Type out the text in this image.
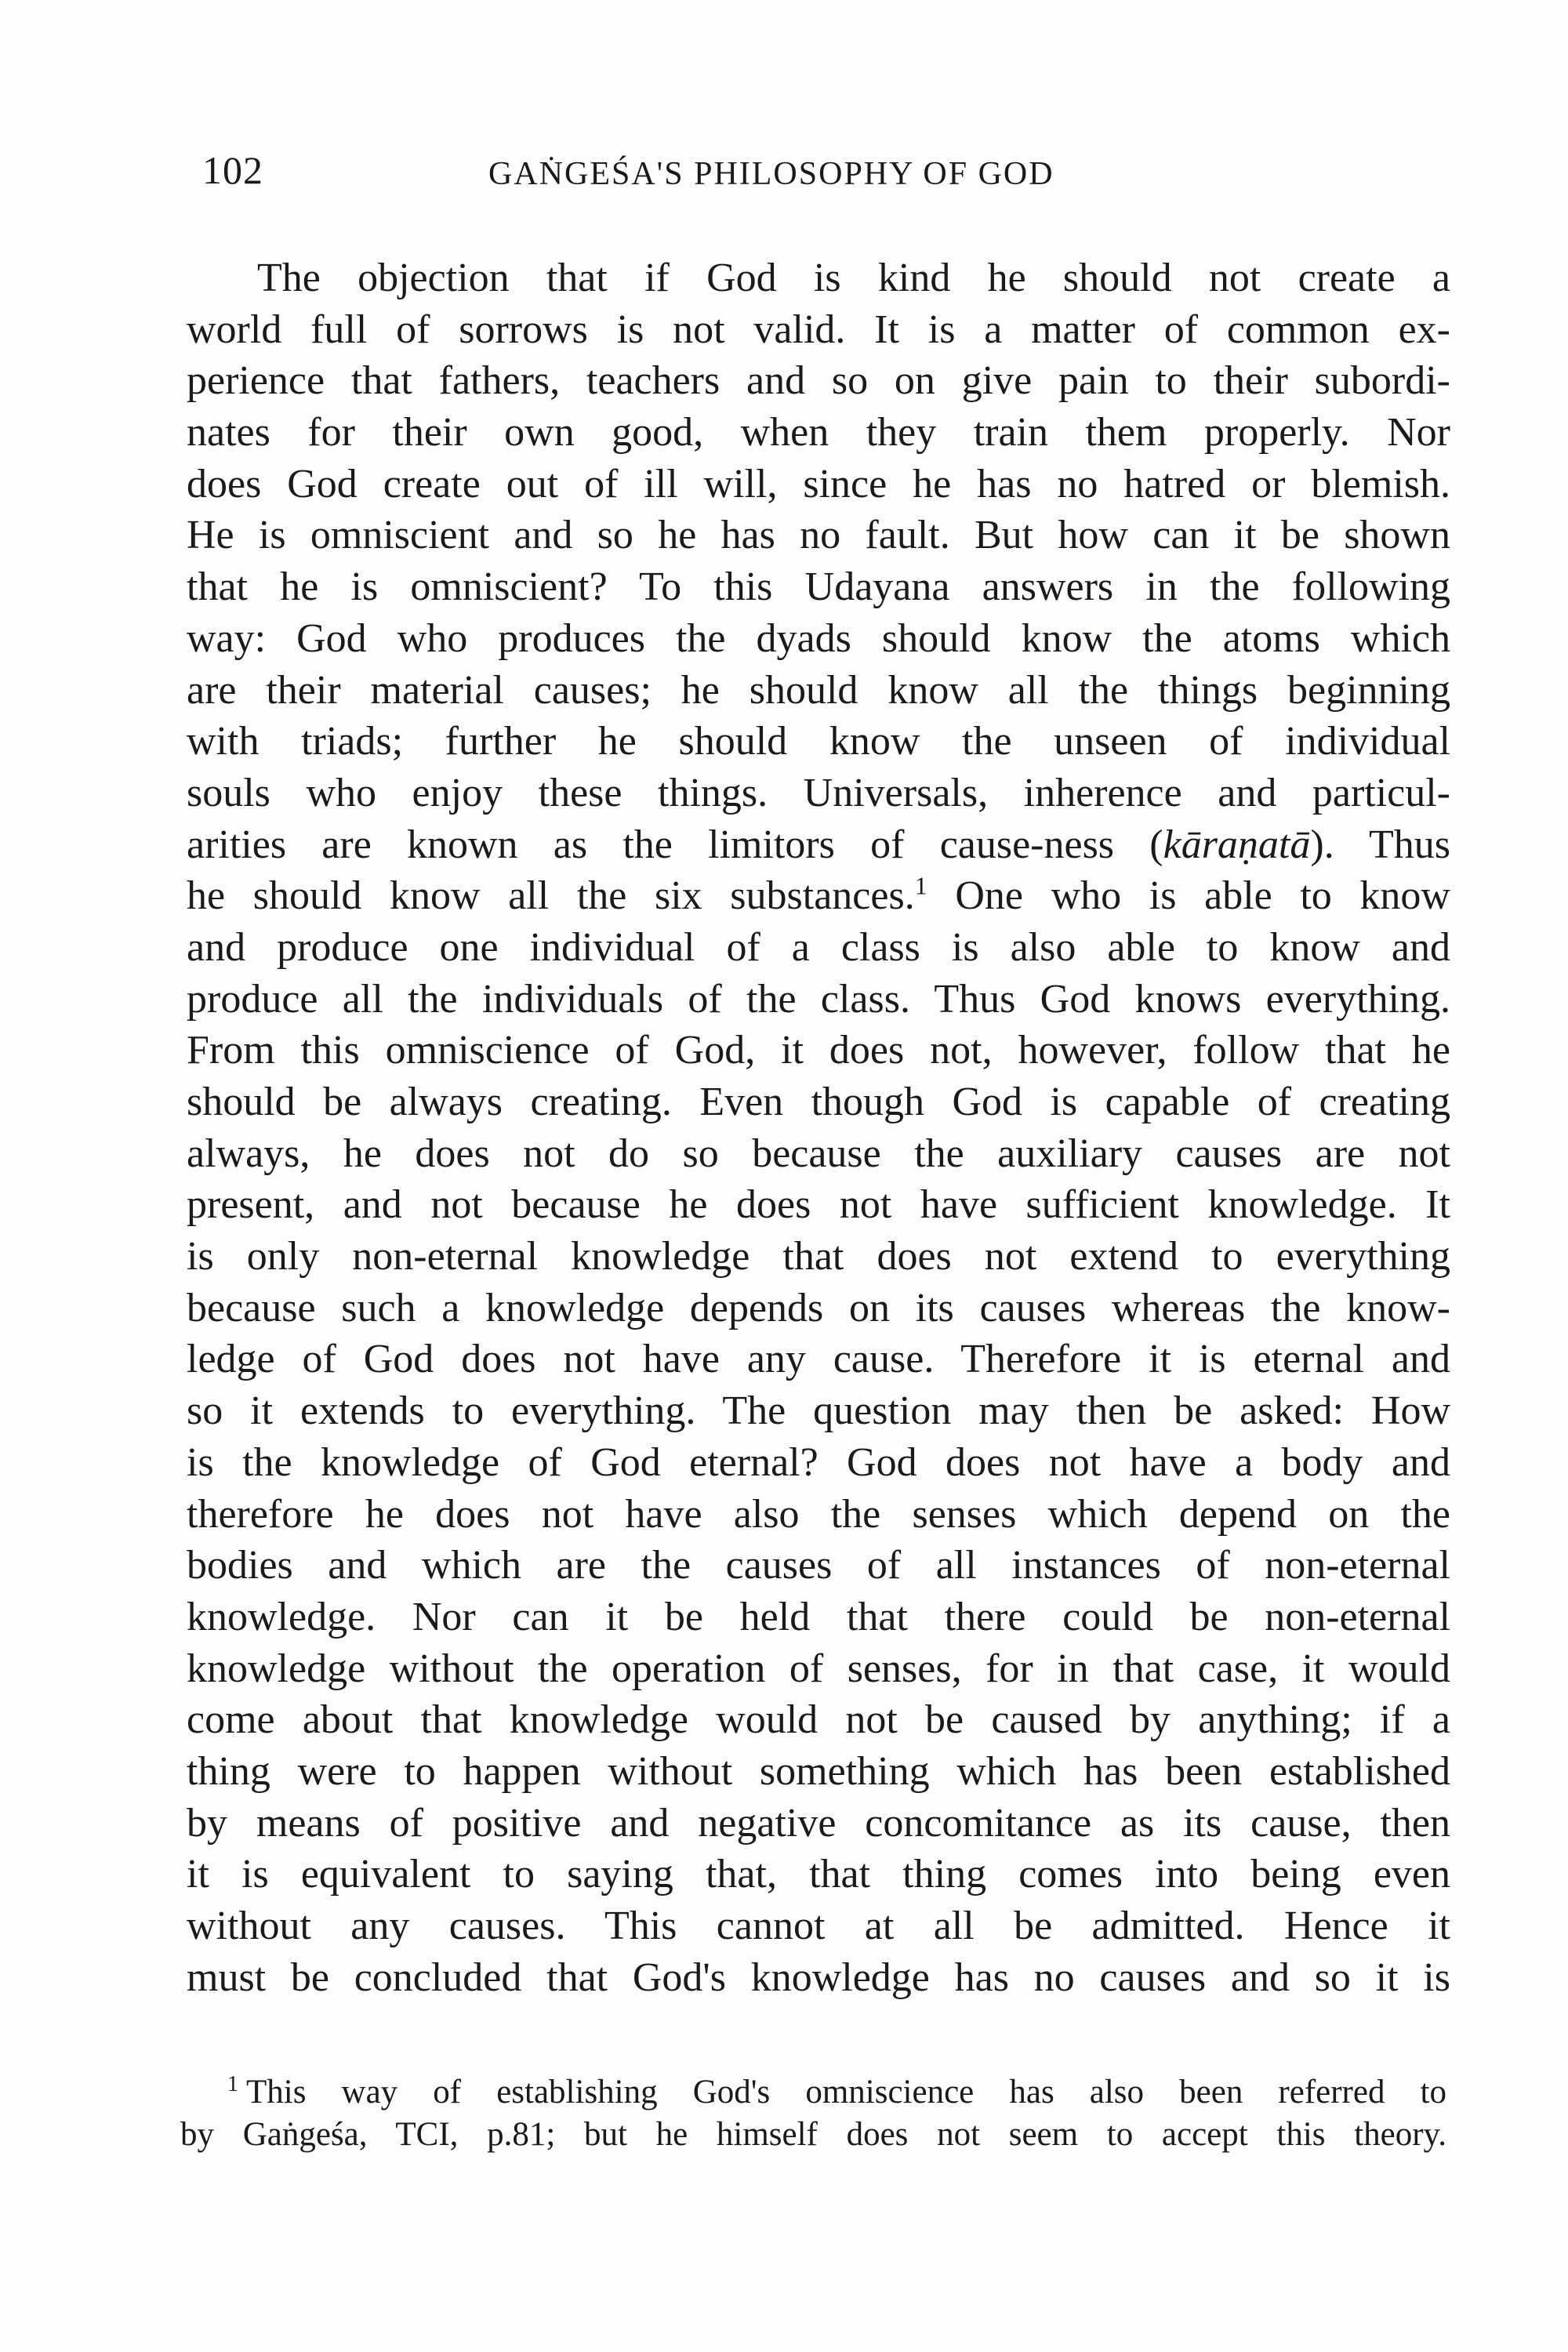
102	GAṄGEŚA'S PHILOSOPHY OF GOD
The objection that if God is kind he should not create a
world full of sorrows is not valid. It is a matter of common ex-
perience that fathers, teachers and so on give pain to their subordi-
nates for their own good, when they train them properly. Nor
does God create out of ill will, since he has no hatred or blemish.
He is omniscient and so he has no fault. But how can it be shown
that he is omniscient? To this Udayana answers in the following
way: God who produces the dyads should know the atoms which
are their material causes; he should know all the things beginning
with triads; further he should know the unseen of individual
souls who enjoy these things. Universals, inherence and particul-
arities are known as the limitors of cause-ness (kāraṇatā). Thus
he should know all the six substances.$^1$ One who is able to know
and produce one individual of a class is also able to know and
produce all the individuals of the class. Thus God knows everything.
From this omniscience of God, it does not, however, follow that he
should be always creating. Even though God is capable of creating
always, he does not do so because the auxiliary causes are not
present, and not because he does not have sufficient knowledge. It
is only non-eternal knowledge that does not extend to everything
because such a knowledge depends on its causes whereas the know-
ledge of God does not have any cause. Therefore it is eternal and
so it extends to everything. The question may then be asked: How
is the knowledge of God eternal? God does not have a body and
therefore he does not have also the senses which depend on the
bodies and which are the causes of all instances of non-eternal
knowledge. Nor can it be held that there could be non-eternal
knowledge without the operation of senses, for in that case, it would
come about that knowledge would not be caused by anything; if a
thing were to happen without something which has been established
by means of positive and negative concomitance as its cause, then
it is equivalent to saying that, that thing comes into being even
without any causes. This cannot at all be admitted. Hence it
must be concluded that God's knowledge has no causes and so it is
$^1$ This way of establishing God's omniscience has also been referred to
by Gaṅgeśa, TCI, p.81; but he himself does not seem to accept this theory.
